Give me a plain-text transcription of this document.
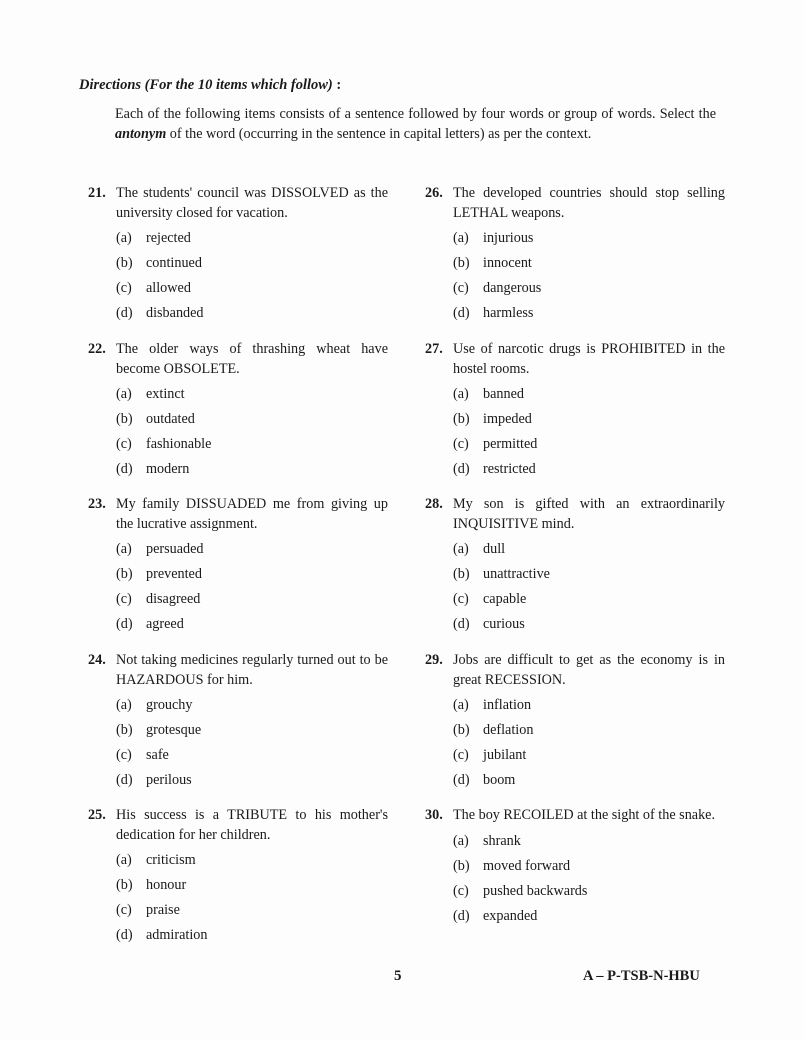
Directions (For the 10 items which follow) :
Each of the following items consists of a sentence followed by four words or group of words. Select the antonym of the word (occurring in the sentence in capital letters) as per the context.
21. The students' council was DISSOLVED as the university closed for vacation.
(a)	rejected
(b) continued
(c)	allowed
(d) disbanded
22. The older ways of thrashing wheat have become OBSOLETE.
(a)	extinct
(b) outdated
(c)	fashionable
(d) modern
23. My family DISSUADED me from giving up the lucrative assignment.
(a)	persuaded
(b) prevented
(c)	disagreed
(d) agreed
24. Not taking medicines regularly turned out to be HAZARDOUS for him.
(a)	grouchy
(b) grotesque
(c)	safe
(d) perilous
25. His success is a TRIBUTE to his mother's dedication for her children.
(a)	criticism
(b) honour
(c)	praise
(d) admiration
26. The developed countries should stop selling LETHAL weapons.
(a)	injurious
(b) innocent
(c)	dangerous
(d) harmless
27. Use of narcotic drugs is PROHIBITED in the hostel rooms.
(a)	banned
(b) impeded
(c)	permitted
(d) restricted
28. My son is gifted with an extraordinarily INQUISITIVE mind.
(a)	dull
(b) unattractive
(c)	capable
(d) curious
29. Jobs are difficult to get as the economy is in great RECESSION.
(a)	inflation
(b) deflation
(c)	jubilant
(d) boom
30. The boy RECOILED at the sight of the snake.
(a)	shrank
(b) moved forward
(c)	pushed backwards
(d) expanded
5	A – P-TSB-N-HBU
